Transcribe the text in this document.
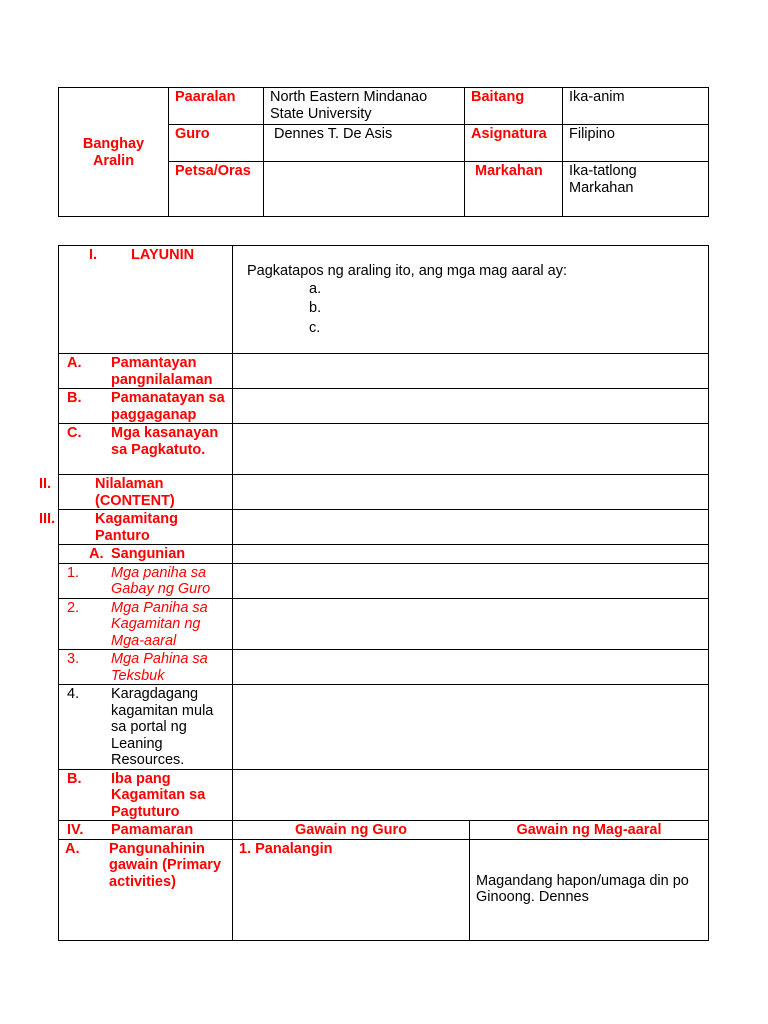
Banghay Aralin	Paaralan	North Eastern Mindanao State University	Baitang	Ika-anim
	Guro	Dennes T. De Asis	Asignatura	Filipino
	Petsa/Oras		Markahan	Ika-tatlong Markahan
I. LAYUNIN	Pagkatapos ng araling ito, ang mga mag aaral ay:
a.
b.
c.	

A. Pamantayan pangnilalaman		

B. Pamanatayan sa paggaganap		

C. Mga kasanayan sa Pagkatuto.		

II. Nilalaman (CONTENT)		

III. Kagamitang Panturo		

A. Sangunian		

1. Mga paniha sa Gabay ng Guro		

2. Mga Paniha sa Kagamitan ng Mga-aaral		

3. Mga Pahina sa Teksbuk		

4. Karagdagang kagamitan mula sa portal ng Leaning Resources.		

B. Iba pang Kagamitan sa Pagtuturo		

IV. Pamamaran	Gawain ng Guro	Gawain ng Mag-aaral

A. Pangunahinin gawain (Primary activities)	1. Panalangin	Magandang hapon/umaga din po Ginoong. Dennes
